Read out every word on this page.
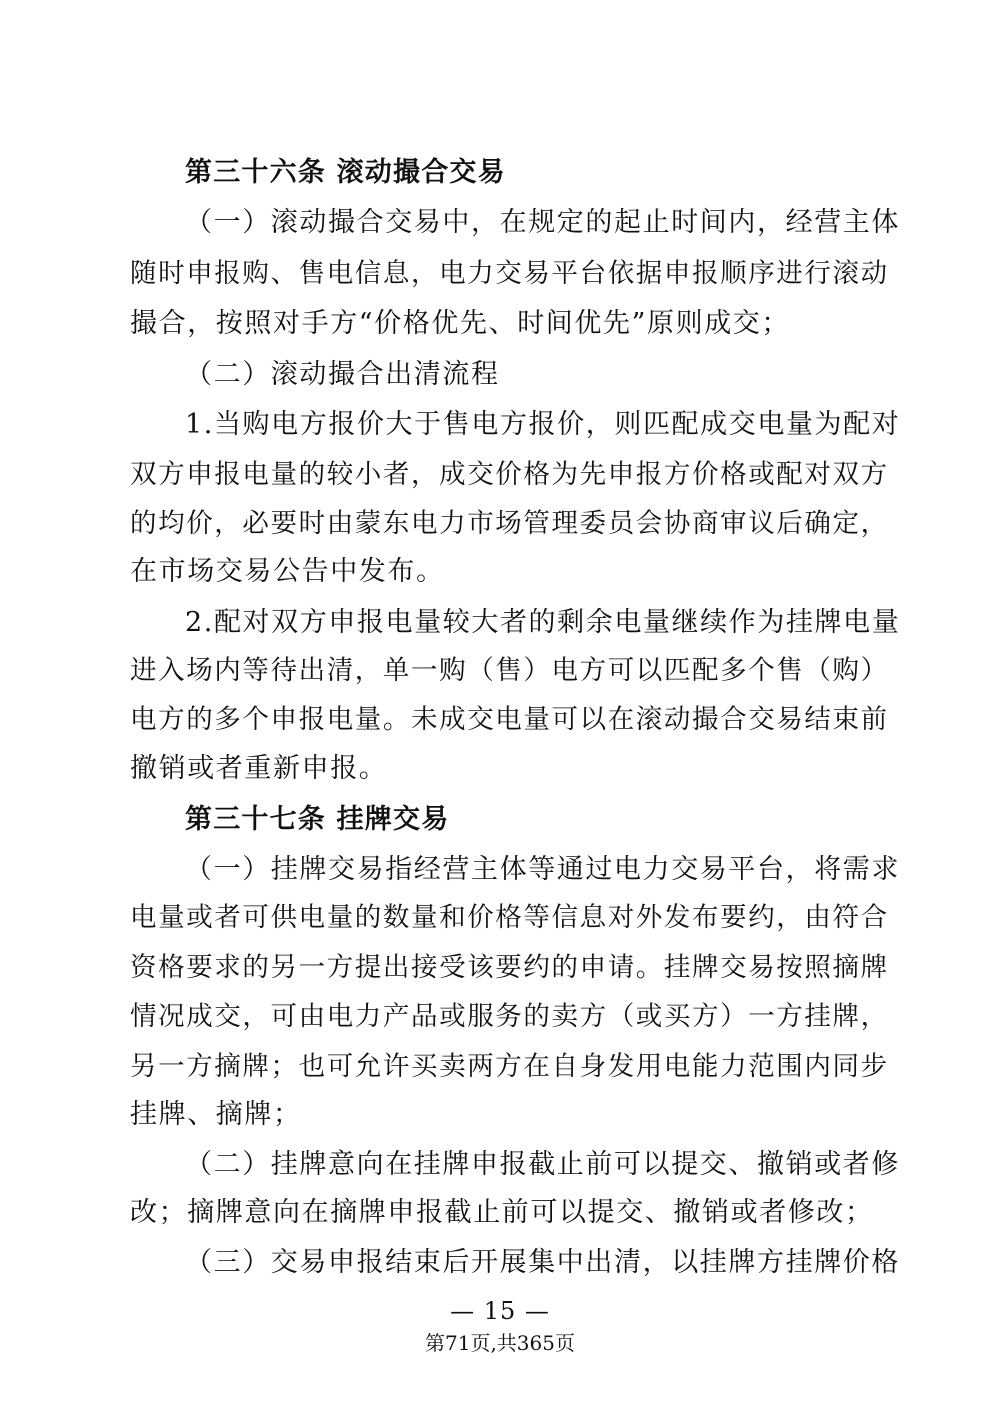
第三十六条 滚动撮合交易
（一）滚动撮合交易中，在规定的起止时间内，经营主体
随时申报购、售电信息，电力交易平台依据申报顺序进行滚动
撮合，按照对手方“价格优先、时间优先”原则成交；
（二）滚动撮合出清流程
1.当购电方报价大于售电方报价，则匹配成交电量为配对
双方申报电量的较小者，成交价格为先申报方价格或配对双方
的均价，必要时由蒙东电力市场管理委员会协商审议后确定，
在市场交易公告中发布。
2.配对双方申报电量较大者的剩余电量继续作为挂牌电量
进入场内等待出清，单一购（售）电方可以匹配多个售（购）
电方的多个申报电量。未成交电量可以在滚动撮合交易结束前
撤销或者重新申报。
第三十七条 挂牌交易
（一）挂牌交易指经营主体等通过电力交易平台，将需求
电量或者可供电量的数量和价格等信息对外发布要约，由符合
资格要求的另一方提出接受该要约的申请。挂牌交易按照摘牌
情况成交，可由电力产品或服务的卖方（或买方）一方挂牌，
另一方摘牌；也可允许买卖两方在自身发用电能力范围内同步
挂牌、摘牌；
（二）挂牌意向在挂牌申报截止前可以提交、撤销或者修
改；摘牌意向在摘牌申报截止前可以提交、撤销或者修改；
（三）交易申报结束后开展集中出清，以挂牌方挂牌价格
— 15 —
第71页,共365页
